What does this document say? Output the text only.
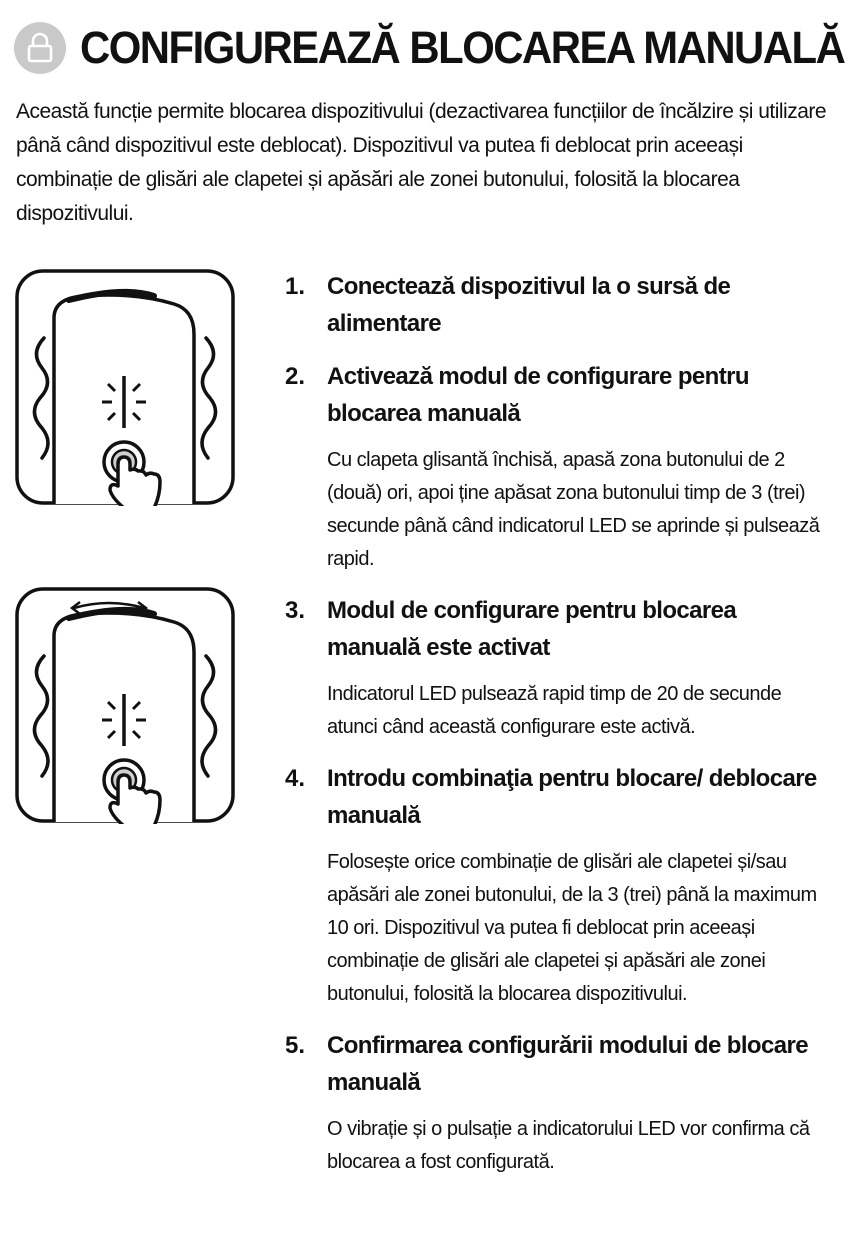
CONFIGUREAZĂ BLOCAREA MANUALĂ

Această funcție permite blocarea dispozitivului (dezactivarea funcțiilor de încălzire și utilizare până când dispozitivul este deblocat). Dispozitivul va putea fi deblocat prin aceeași combinație de glisări ale clapetei și apăsări ale zonei butonului, folosită la blocarea dispozitivului.

1. Conectează dispozitivul la o sursă de alimentare
2. Activează modul de configurare pentru blocarea manuală
Cu clapeta glisantă închisă, apasă zona butonului de 2 (două) ori, apoi ține apăsat zona butonului timp de 3 (trei) secunde până când indicatorul LED se aprinde și pulsează rapid.
3. Modul de configurare pentru blocarea manuală este activat
Indicatorul LED pulsează rapid timp de 20 de secunde atunci când această configurare este activă.
4. Introdu combinaţia pentru blocare/ deblocare manuală
Folosește orice combinație de glisări ale clapetei și/sau apăsări ale zonei butonului, de la 3 (trei) până la maximum 10 ori. Dispozitivul va putea fi deblocat prin aceeași combinație de glisări ale clapetei și apăsări ale zonei butonului, folosită la blocarea dispozitivului.
5. Confirmarea configurării modului de blocare manuală
O vibrație și o pulsație a indicatorului LED vor confirma că blocarea a fost configurată.
